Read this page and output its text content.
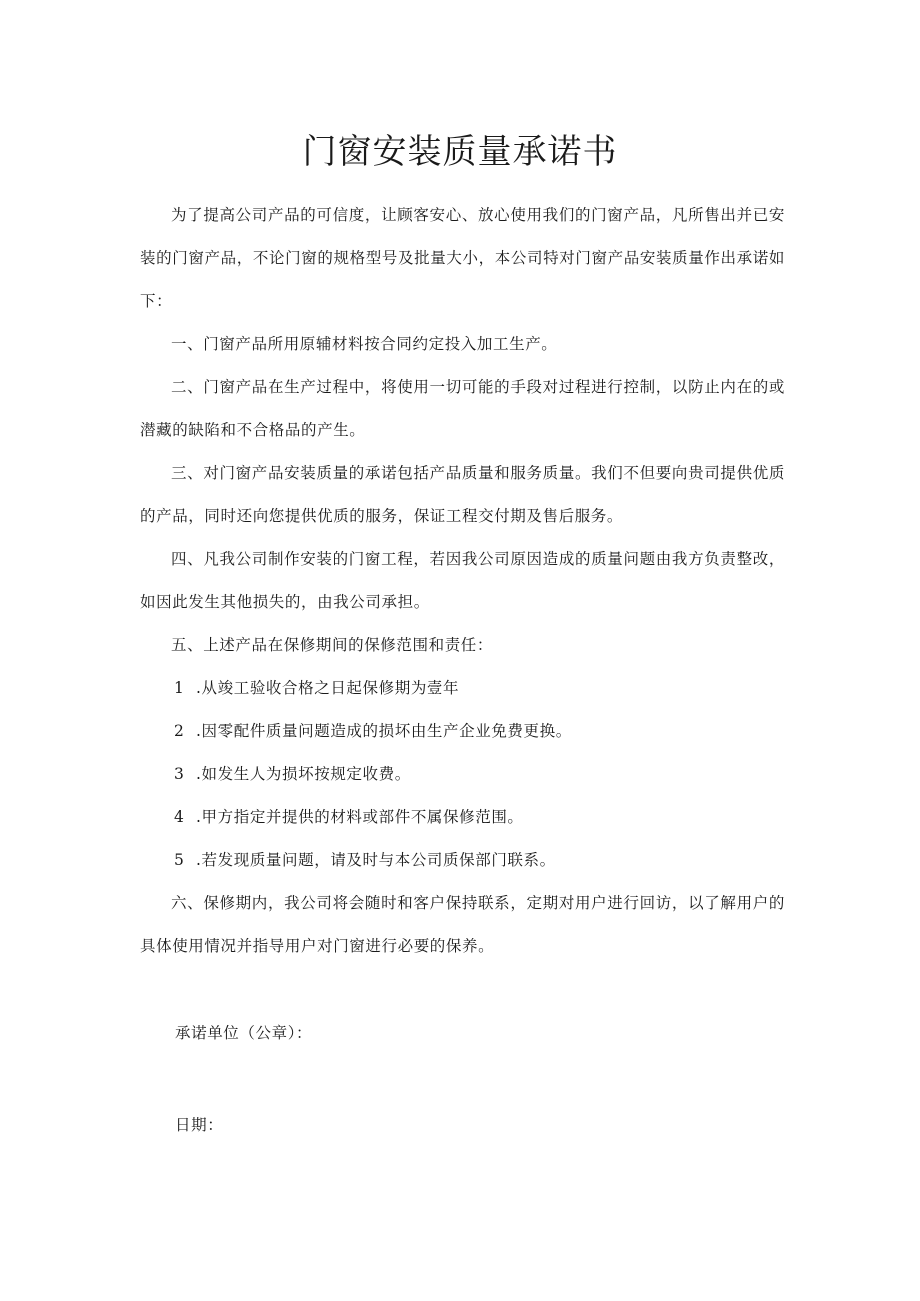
门窗安装质量承诺书

为了提高公司产品的可信度，让顾客安心、放心使用我们的门窗产品，凡所售出并已安装的门窗产品，不论门窗的规格型号及批量大小，本公司特对门窗产品安装质量作出承诺如下：

一、门窗产品所用原辅材料按合同约定投入加工生产。

二、门窗产品在生产过程中，将使用一切可能的手段对过程进行控制，以防止内在的或潜藏的缺陷和不合格品的产生。

三、对门窗产品安装质量的承诺包括产品质量和服务质量。我们不但要向贵司提供优质的产品，同时还向您提供优质的服务，保证工程交付期及售后服务。

四、凡我公司制作安装的门窗工程，若因我公司原因造成的质量问题由我方负责整改，如因此发生其他损失的，由我公司承担。

五、上述产品在保修期间的保修范围和责任：

1 .从竣工验收合格之日起保修期为壹年

2 .因零配件质量问题造成的损坏由生产企业免费更换。

3 .如发生人为损坏按规定收费。

4 .甲方指定并提供的材料或部件不属保修范围。

5 .若发现质量问题，请及时与本公司质保部门联系。

六、保修期内，我公司将会随时和客户保持联系，定期对用户进行回访，以了解用户的具体使用情况并指导用户对门窗进行必要的保养。

承诺单位（公章）：
日期：
